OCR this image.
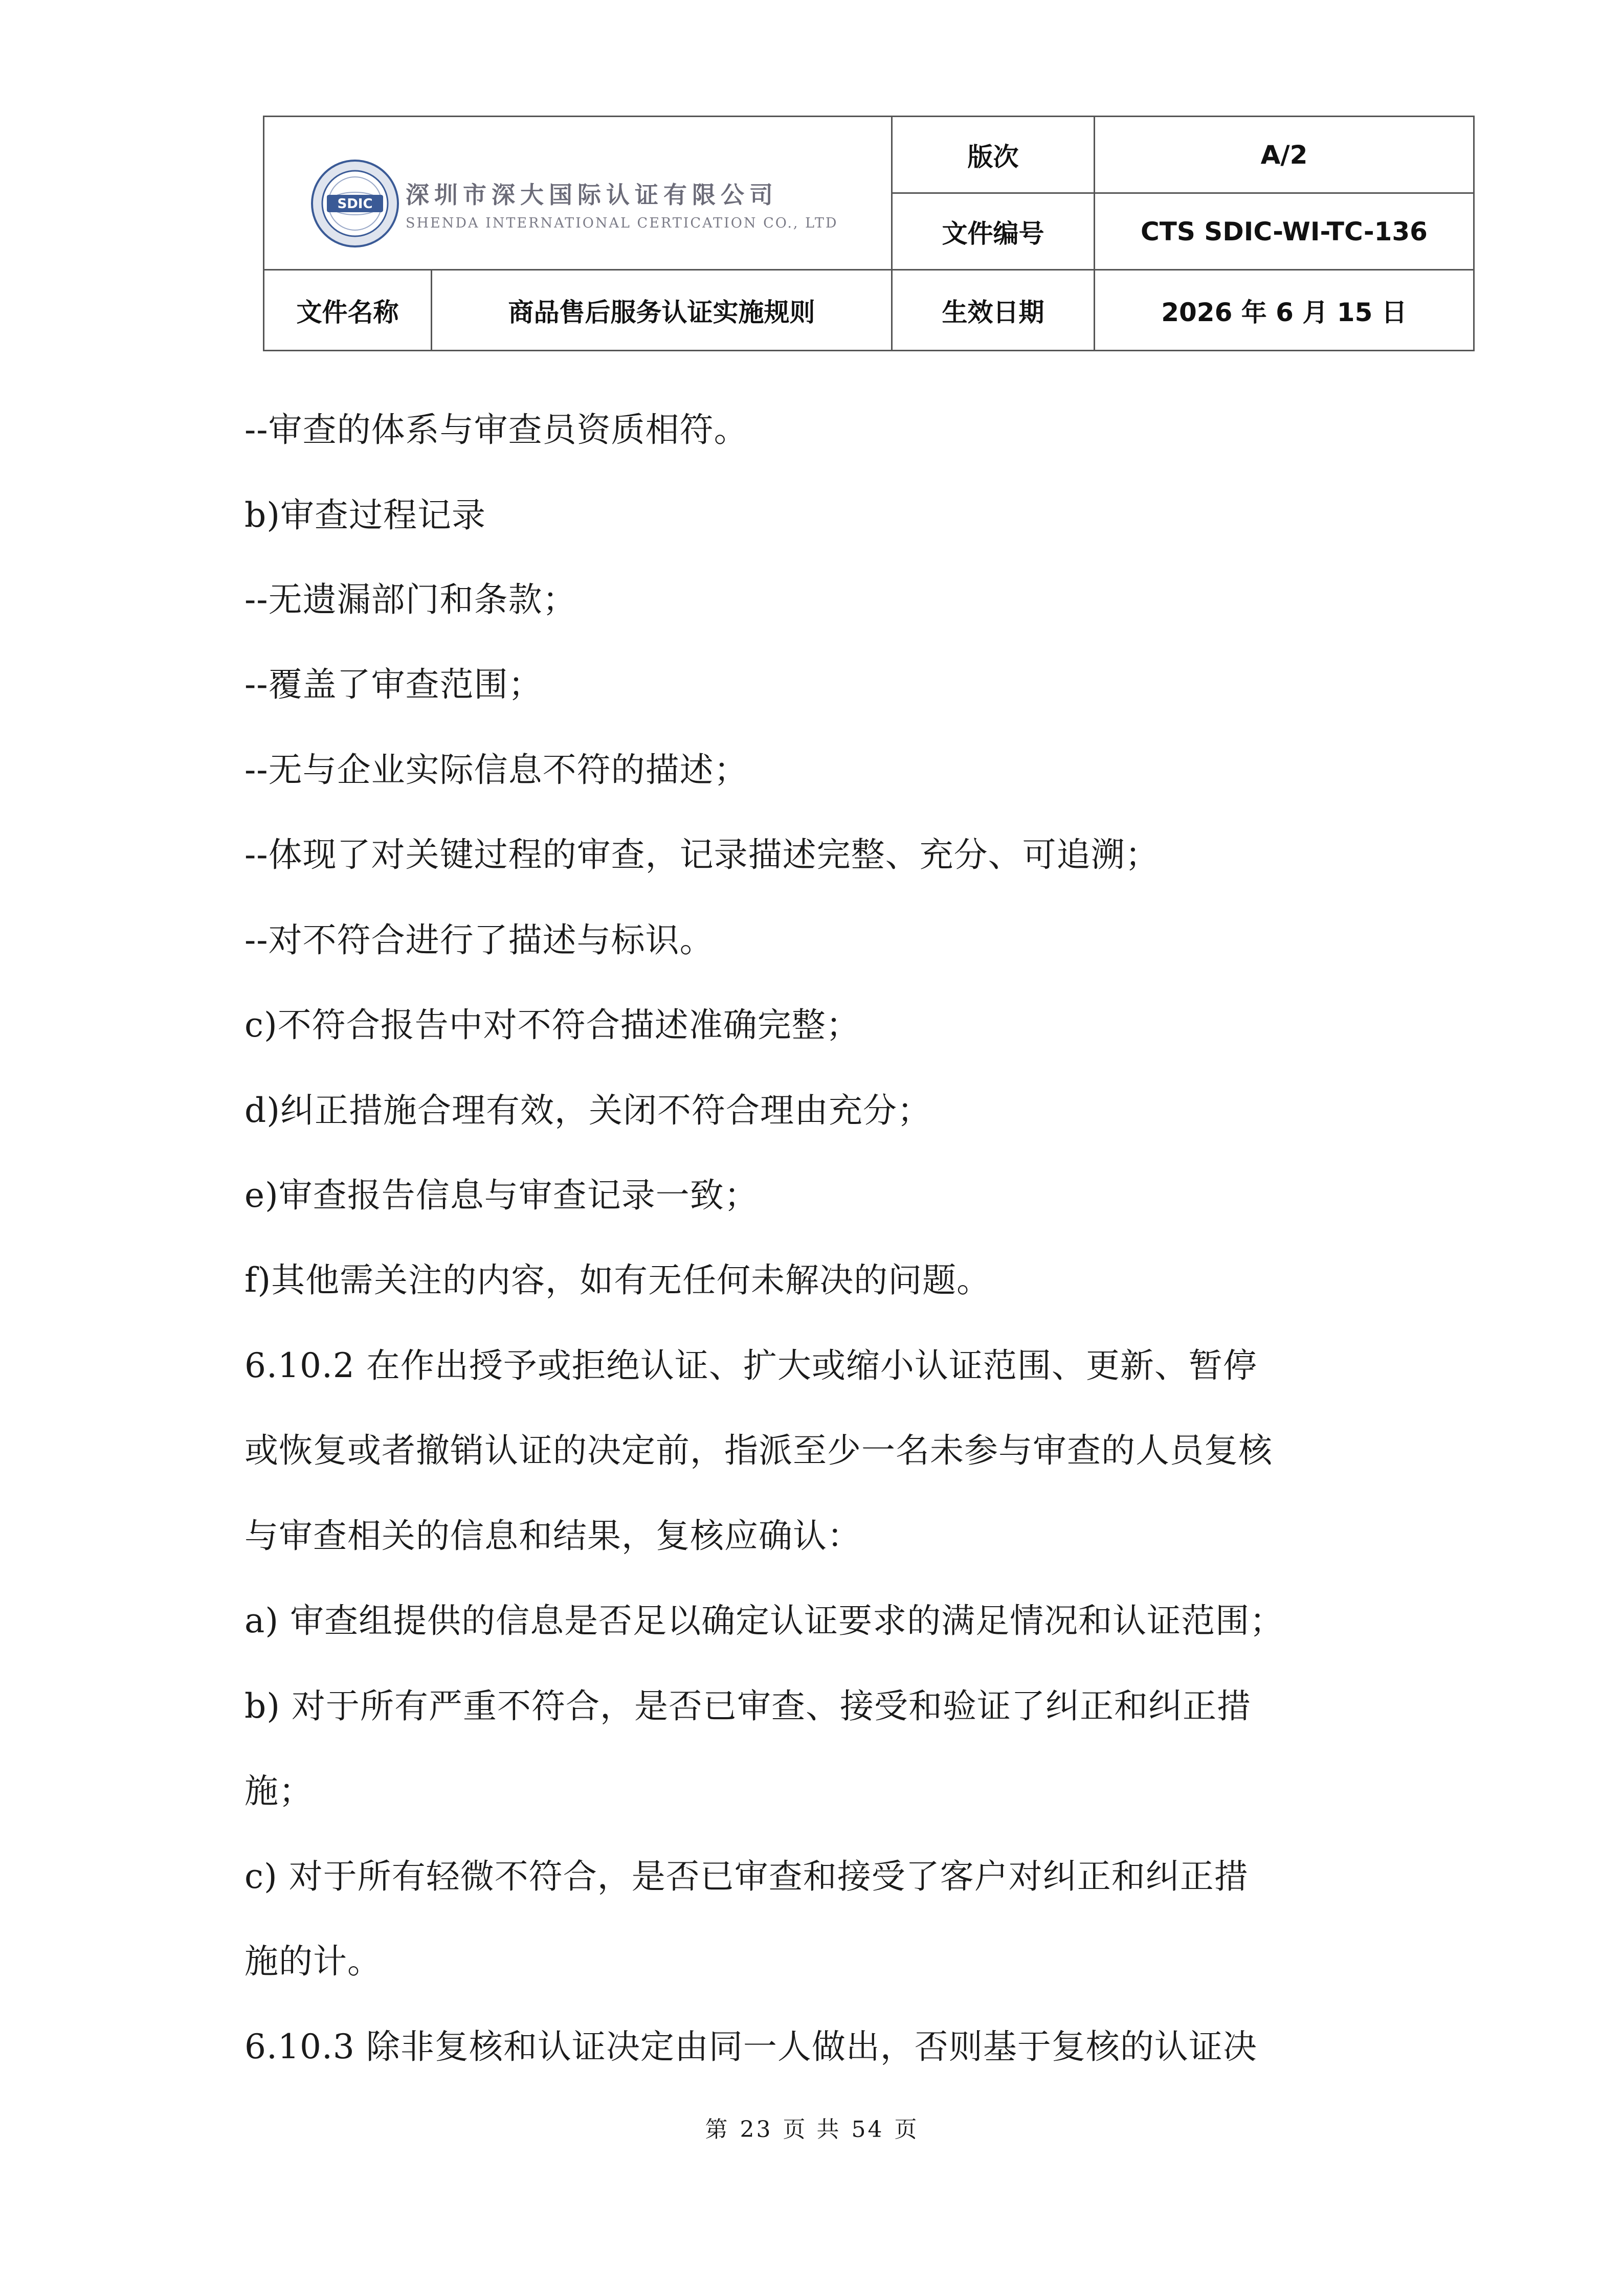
SDIC 深圳市深大国际认证有限公司
SHENDA INTERNATIONAL CERTICATION CO., LTD		版次	A/2
		文件编号	CTS SDIC-WI-TC-136
文件名称	商品售后服务认证实施规则	生效日期	2026 年 6 月 15 日
--审查的体系与审查员资质相符。
b)审查过程记录
--无遗漏部门和条款；
--覆盖了审查范围；
--无与企业实际信息不符的描述；
--体现了对关键过程的审查，记录描述完整、充分、可追溯；
--对不符合进行了描述与标识。
c)不符合报告中对不符合描述准确完整；
d)纠正措施合理有效，关闭不符合理由充分；
e)审查报告信息与审查记录一致；
f)其他需关注的内容，如有无任何未解决的问题。
6.10.2 在作出授予或拒绝认证、扩大或缩小认证范围、更新、暂停
或恢复或者撤销认证的决定前，指派至少一名未参与审查的人员复核
与审查相关的信息和结果，复核应确认：
a) 审查组提供的信息是否足以确定认证要求的满足情况和认证范围；
b) 对于所有严重不符合，是否已审查、接受和验证了纠正和纠正措
施；
c) 对于所有轻微不符合，是否已审查和接受了客户对纠正和纠正措
施的计。
6.10.3 除非复核和认证决定由同一人做出，否则基于复核的认证决
第 23 页 共 54 页
